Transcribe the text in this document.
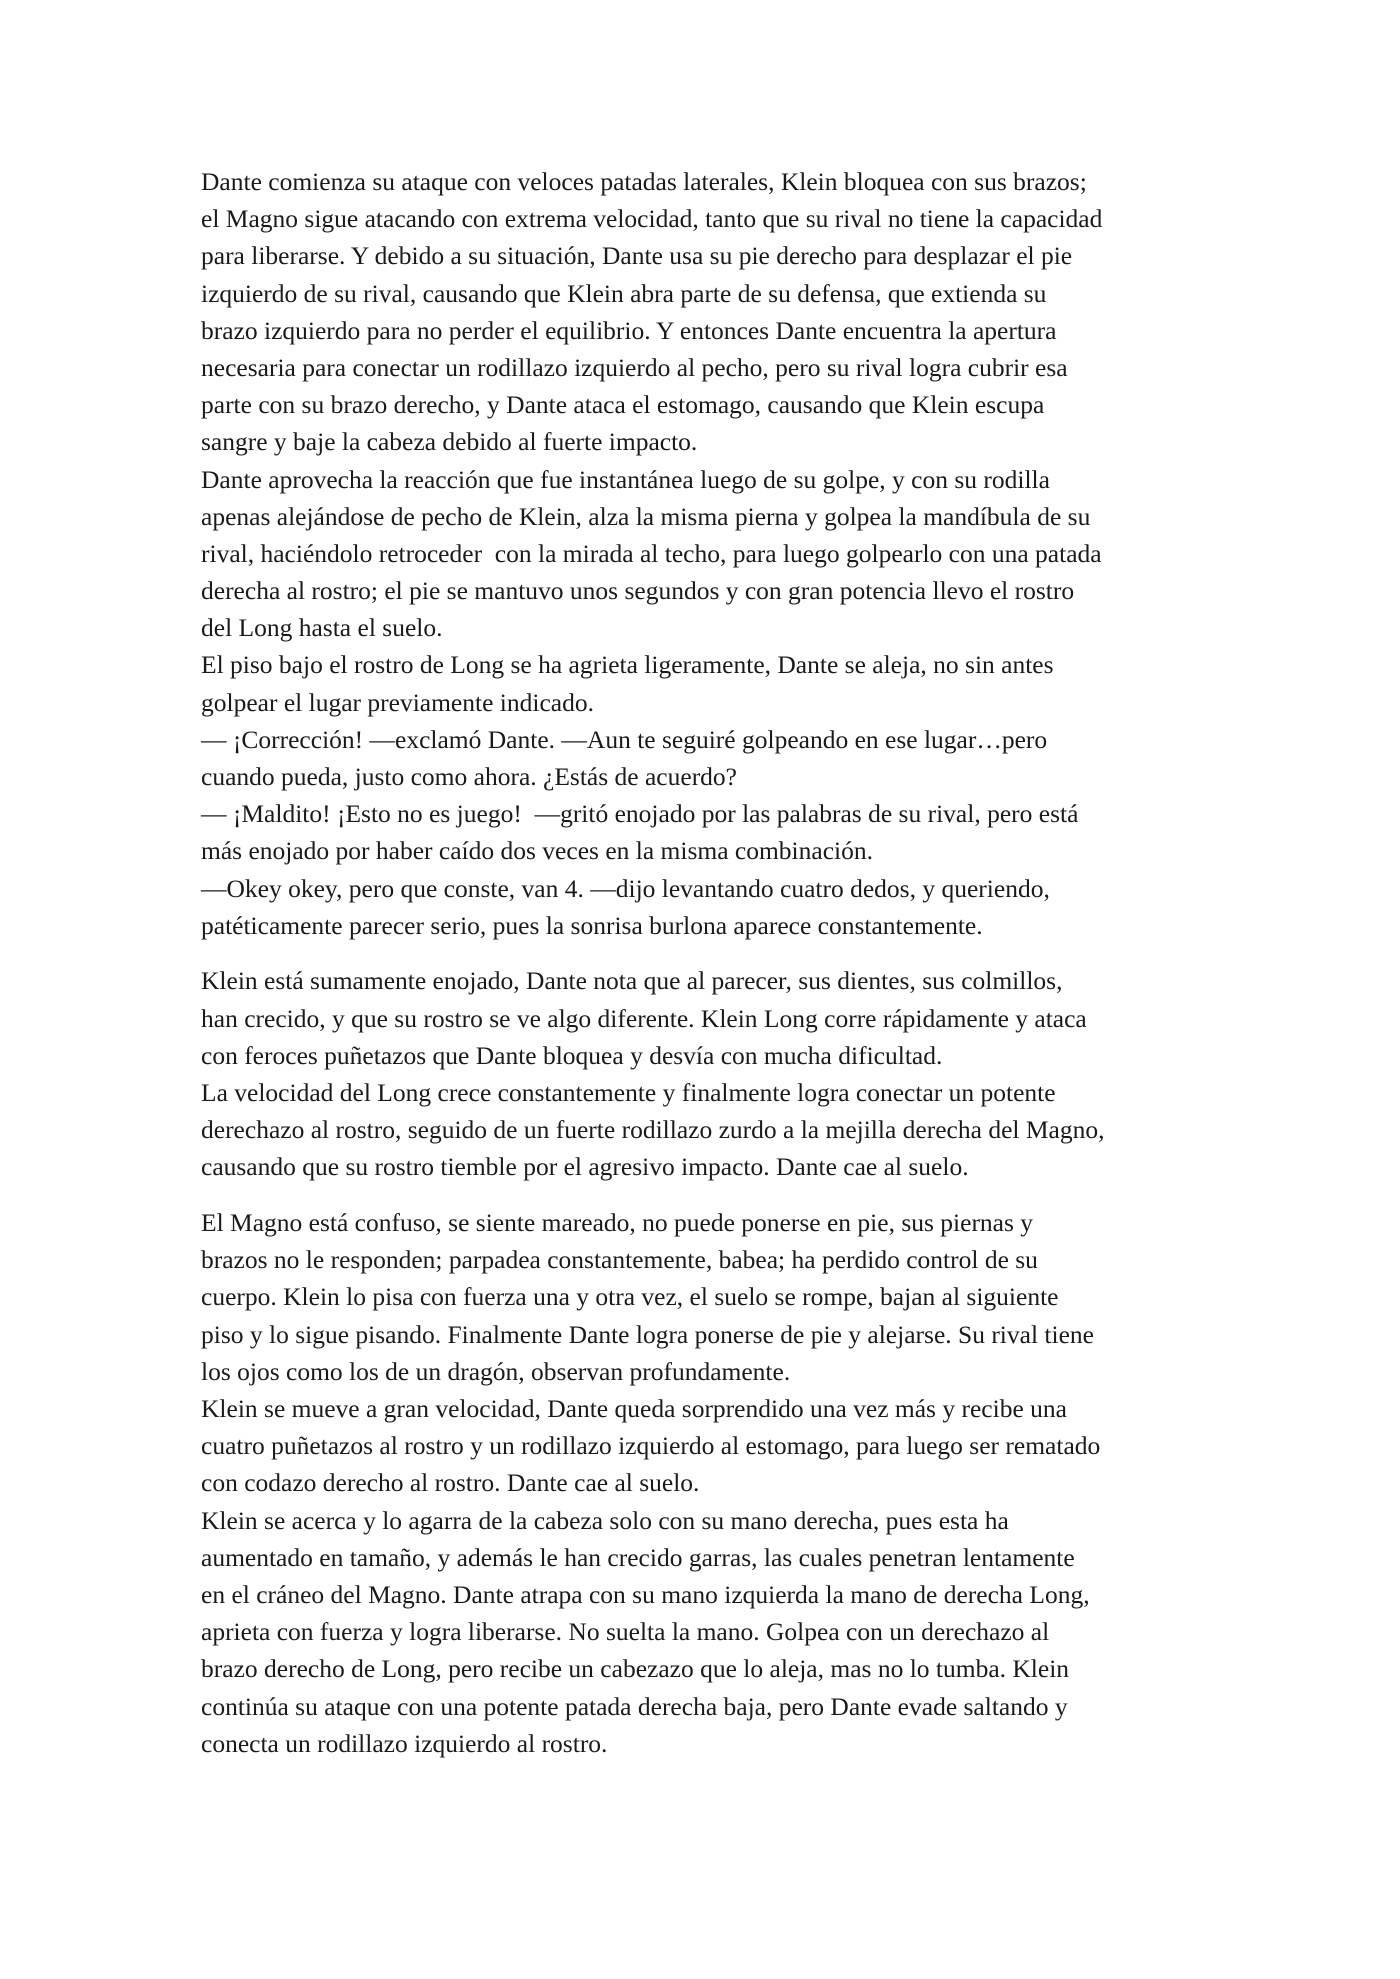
Dante comienza su ataque con veloces patadas laterales, Klein bloquea con sus brazos;
el Magno sigue atacando con extrema velocidad, tanto que su rival no tiene la capacidad
para liberarse. Y debido a su situación, Dante usa su pie derecho para desplazar el pie
izquierdo de su rival, causando que Klein abra parte de su defensa, que extienda su
brazo izquierdo para no perder el equilibrio. Y entonces Dante encuentra la apertura
necesaria para conectar un rodillazo izquierdo al pecho, pero su rival logra cubrir esa
parte con su brazo derecho, y Dante ataca el estomago, causando que Klein escupa
sangre y baje la cabeza debido al fuerte impacto.

Dante aprovecha la reacción que fue instantánea luego de su golpe, y con su rodilla
apenas alejándose de pecho de Klein, alza la misma pierna y golpea la mandíbula de su
rival, haciéndolo retroceder  con la mirada al techo, para luego golpearlo con una patada
derecha al rostro; el pie se mantuvo unos segundos y con gran potencia llevo el rostro
del Long hasta el suelo.

El piso bajo el rostro de Long se ha agrieta ligeramente, Dante se aleja, no sin antes
golpear el lugar previamente indicado.

— ¡Corrección! —exclamó Dante. —Aun te seguiré golpeando en ese lugar…pero
cuando pueda, justo como ahora. ¿Estás de acuerdo?

— ¡Maldito! ¡Esto no es juego!  —gritó enojado por las palabras de su rival, pero está
más enojado por haber caído dos veces en la misma combinación.

—Okey okey, pero que conste, van 4. —dijo levantando cuatro dedos, y queriendo,
patéticamente parecer serio, pues la sonrisa burlona aparece constantemente.

Klein está sumamente enojado, Dante nota que al parecer, sus dientes, sus colmillos,
han crecido, y que su rostro se ve algo diferente. Klein Long corre rápidamente y ataca
con feroces puñetazos que Dante bloquea y desvía con mucha dificultad.

La velocidad del Long crece constantemente y finalmente logra conectar un potente
derechazo al rostro, seguido de un fuerte rodillazo zurdo a la mejilla derecha del Magno,
causando que su rostro tiemble por el agresivo impacto. Dante cae al suelo.

El Magno está confuso, se siente mareado, no puede ponerse en pie, sus piernas y
brazos no le responden; parpadea constantemente, babea; ha perdido control de su
cuerpo. Klein lo pisa con fuerza una y otra vez, el suelo se rompe, bajan al siguiente
piso y lo sigue pisando. Finalmente Dante logra ponerse de pie y alejarse. Su rival tiene
los ojos como los de un dragón, observan profundamente.

Klein se mueve a gran velocidad, Dante queda sorprendido una vez más y recibe una
cuatro puñetazos al rostro y un rodillazo izquierdo al estomago, para luego ser rematado
con codazo derecho al rostro. Dante cae al suelo.

Klein se acerca y lo agarra de la cabeza solo con su mano derecha, pues esta ha
aumentado en tamaño, y además le han crecido garras, las cuales penetran lentamente
en el cráneo del Magno. Dante atrapa con su mano izquierda la mano de derecha Long,
aprieta con fuerza y logra liberarse. No suelta la mano. Golpea con un derechazo al
brazo derecho de Long, pero recibe un cabezazo que lo aleja, mas no lo tumba. Klein
continúa su ataque con una potente patada derecha baja, pero Dante evade saltando y
conecta un rodillazo izquierdo al rostro.
